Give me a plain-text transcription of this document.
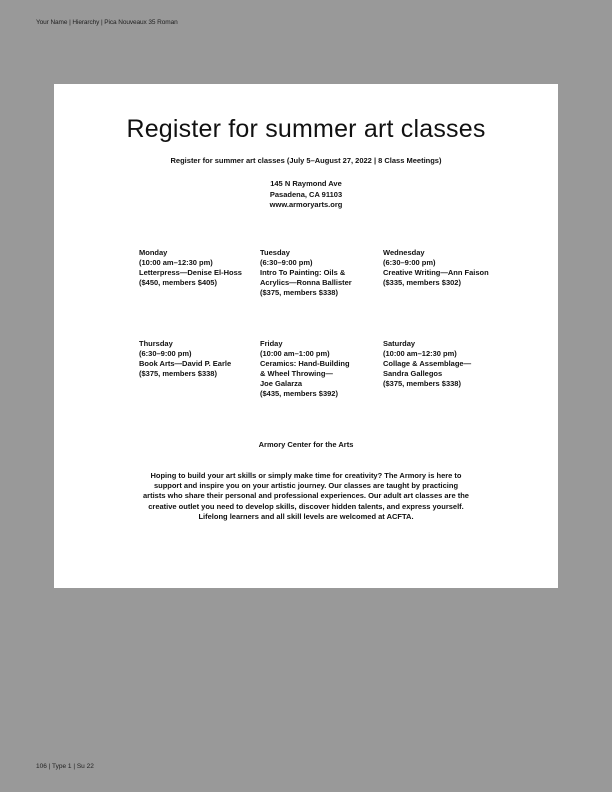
Your Name | Hierarchy | Pica Nouveaux 35 Roman
Register for summer art classes
Register for summer art classes (July 5–August 27, 2022 | 8 Class Meetings)
145 N Raymond Ave
Pasadena, CA 91103
www.armoryarts.org
Monday
(10:00 am–12:30 pm)
Letterpress—Denise El-Hoss
($450, members $405)
Tuesday
(6:30–9:00 pm)
Intro To Painting: Oils &
Acrylics—Ronna Ballister
($375, members $338)
Wednesday
(6:30–9:00 pm)
Creative Writing—Ann Faison
($335, members $302)
Thursday
(6:30–9:00 pm)
Book Arts—David P. Earle
($375, members $338)
Friday
(10:00 am–1:00 pm)
Ceramics: Hand-Building
& Wheel Throwing—
Joe Galarza
($435, members $392)
Saturday
(10:00 am–12:30 pm)
Collage & Assemblage—
Sandra Gallegos
($375, members $338)
Armory Center for the Arts
Hoping to build your art skills or simply make time for creativity? The Armory is here to
support and inspire you on your artistic journey. Our classes are taught by practicing
artists who share their personal and professional experiences. Our adult art classes are the
creative outlet you need to develop skills, discover hidden talents, and express yourself.
Lifelong learners and all skill levels are welcomed at ACFTA.
106 | Type 1 | Su 22
